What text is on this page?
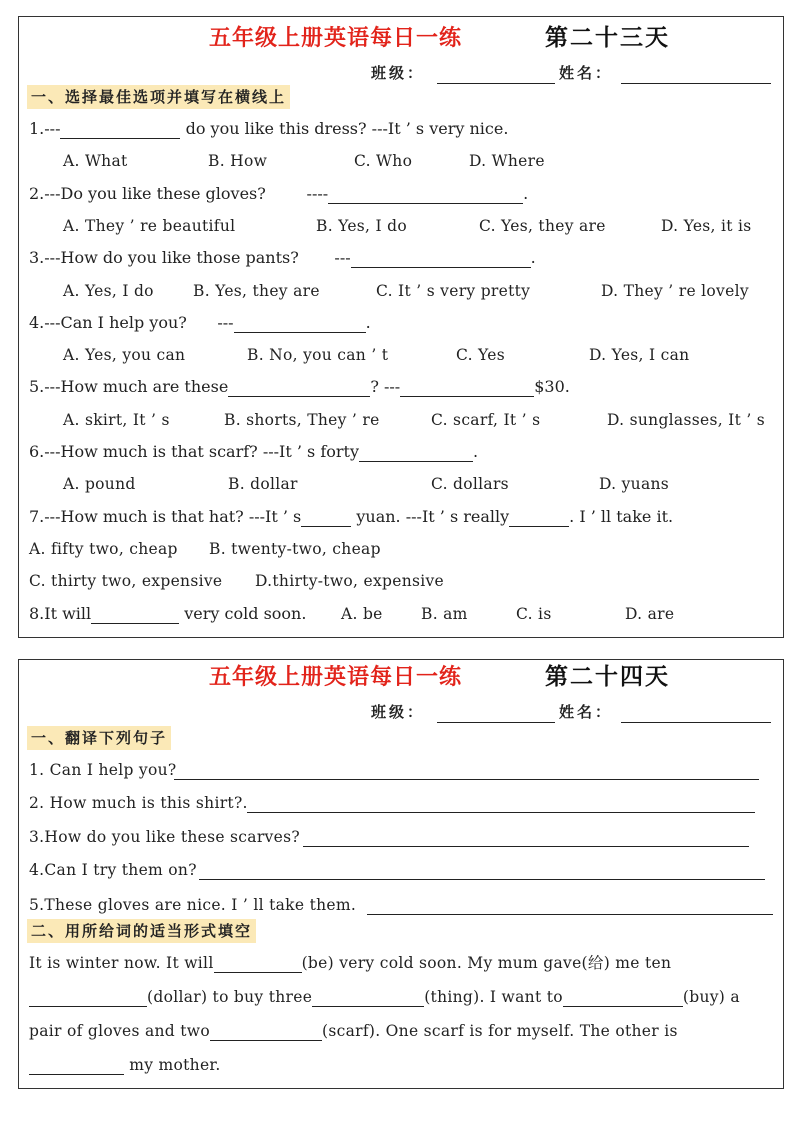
五年级上册英语每日一练	第二十三天
班级：	姓名：
一、选择最佳选项并填写在横线上
1.---	do you like this dress? ---It ’ s very nice.
A. What	B. How	C. Who	D. Where
2.---Do you like these gloves?	----	.
A. They ’ re beautiful	B. Yes, I do	C. Yes, they are	D. Yes, it is
3.---How do you like those pants? ---	.
A. Yes, I do	B. Yes, they are	C. It ’ s very pretty	D. They ’ re lovely
4.---Can I help you? ---	.
A. Yes, you can	B. No, you can ’ t	C. Yes	D. Yes, I can
5.---How much are these	? ---	$30.
A. skirt, It ’ s	B. shorts, They ’ re	C. scarf, It ’ s	D. sunglasses, It ’ s
6.---How much is that scarf? ---It ’ s forty	.
A. pound	B. dollar	C. dollars	D. yuans
7.---How much is that hat? ---It ’ s	yuan. ---It ’ s really	. I ’ ll take it.
A. fifty two, cheap B. twenty-two, cheap
C. thirty two, expensive D.thirty-two, expensive
8.It will	very cold soon. A. be B. am	C. is	D. are
五年级上册英语每日一练	第二十四天
班级：	姓名：
一、翻译下列句子
1. Can I help you?
2. How much is this shirt?.
3.How do you like these scarves?
4.Can I try them on?
5.These gloves are nice. I ’ ll take them.
二、用所给词的适当形式填空
It is winter now. It will	(be) very cold soon. My mum gave(给) me ten
(dollar) to buy three	(thing). I want to	(buy) a
pair of gloves and two	(scarf). One scarf is for myself. The other is
my mother.
